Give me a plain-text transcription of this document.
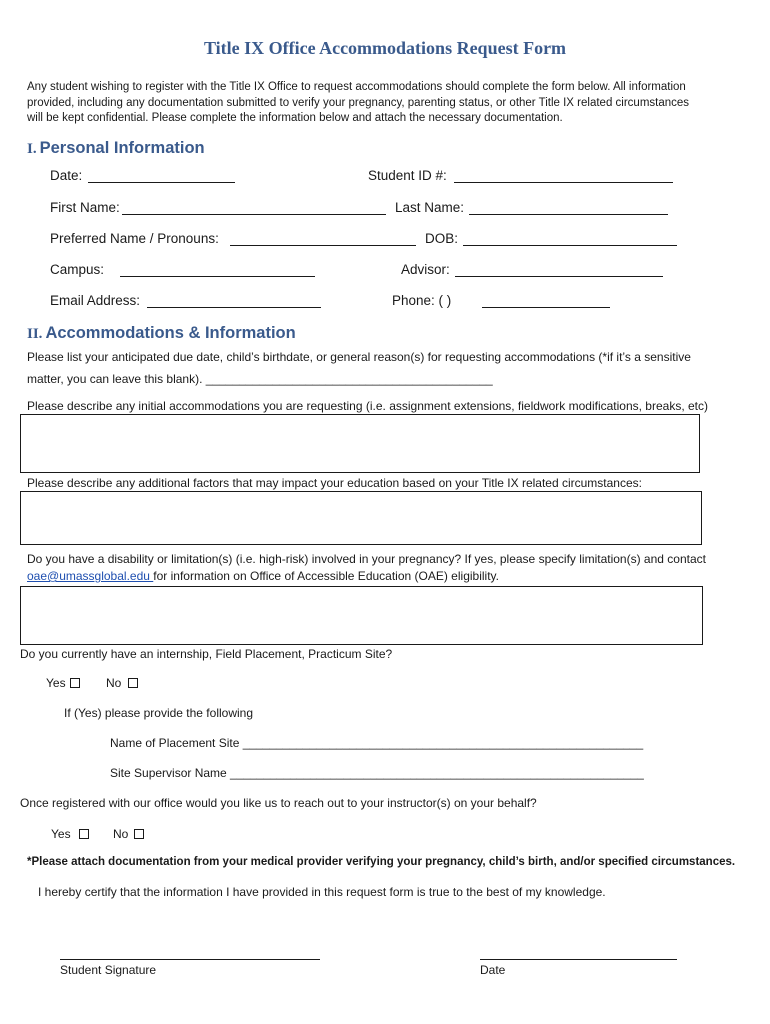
Title IX Office Accommodations Request Form
Any student wishing to register with the Title IX Office to request accommodations should complete the form below. All information provided, including any documentation submitted to verify your pregnancy, parenting status, or other Title IX related circumstances will be kept confidential. Please complete the information below and attach the necessary documentation.
I. Personal Information
Date:	Student ID #:
First Name:	Last Name:
Preferred Name / Pronouns:	DOB:
Campus:	Advisor:
Email Address:	Phone: ( )
II. Accommodations & Information
Please list your anticipated due date, child’s birthdate, or general reason(s) for requesting accommodations (*if it’s a sensitive
matter, you can leave this blank). ___________________________________________
Please describe any initial accommodations you are requesting (i.e. assignment extensions, fieldwork modifications, breaks, etc)
Please describe any additional factors that may impact your education based on your Title IX related circumstances:
Do you have a disability or limitation(s) (i.e. high-risk) involved in your pregnancy? If yes, please specify limitation(s) and contact
oae@umassglobal.edu for information on Office of Accessible Education (OAE) eligibility.
Do you currently have an internship, Field Placement, Practicum Site?
Yes	No
If (Yes) please provide the following
Name of Placement Site ____________________________________________________________
Site Supervisor Name ______________________________________________________________
Once registered with our office would you like us to reach out to your instructor(s) on your behalf?
Yes	No
*Please attach documentation from your medical provider verifying your pregnancy, child’s birth, and/or specified circumstances.
I hereby certify that the information I have provided in this request form is true to the best of my knowledge.
Student Signature	Date
